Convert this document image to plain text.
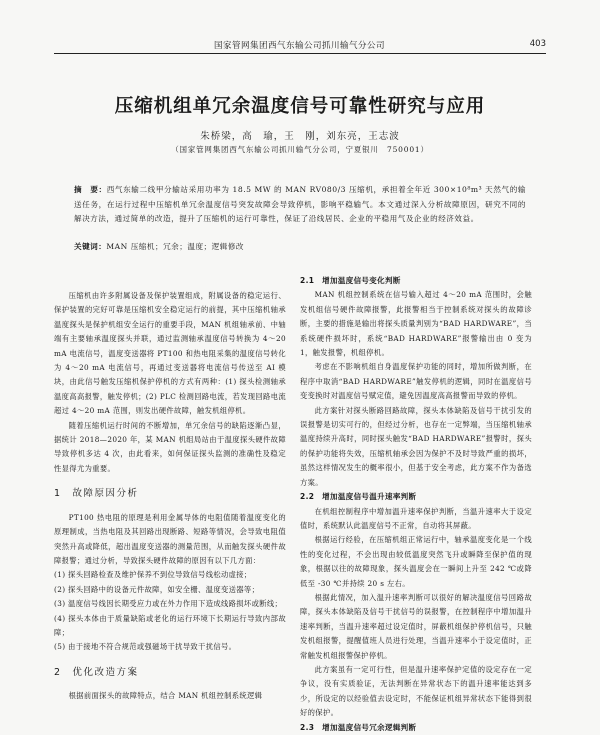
国家管网集团西气东输公司抓川输气分公司	403
压缩机组单冗余温度信号可靠性研究与应用
朱桥梁，高　瑜，王　刚，刘东亮，王志波
（国家管网集团西气东输公司抓川输气分公司，宁夏银川　750001）
摘　要：西气东输二线甲分输站采用功率为 18.5 MW 的 MAN RV080/3 压缩机，承担着全年近 300×10⁸m³ 天然气的输送任务，在运行过程中压缩机单冗余温度信号突发故障会导致停机，影响平稳输气。本文通过深入分析故障原因，研究不同的解决方法，通过简单的改造，提升了压缩机的运行可靠性，保证了沿线居民、企业的平稳用气及企业的经济效益。
关键词：MAN 压缩机；冗余；温度；逻辑修改

压缩机由许多附属设备及保护装置组成，附属设备的稳定运行、保护装置的完好可靠是压缩机安全稳定运行的前提，其中压缩机轴承温度探头是保护机组安全运行的重要手段，MAN 机组轴承前、中轴端有主要轴承温度探头并联，通过监测轴承温度信号转换为 4～20 mA 电流信号，温度变送器将 PT100 和热电阻采集的温度信号转化为 4～20 mA 电流信号，再通过变送器将电流信号传送至 AI 模块，由此信号触发压缩机保护停机的方式有两种：(1) 探头检测轴承温度高高报警，触发停机；(2) PLC 检测回路电流，若发现回路电流超过 4～20 mA 范围，则发出硬件故障，触发机组停机。

随着压缩机运行时间的不断增加，单冗余信号的缺陷逐渐凸显，据统计 2018—2020 年，某 MAN 机组局站由于温度探头硬件故障导致停机多达 4 次，由此看来，如何保证探头监测的准确性及稳定性显得尤为重要。

1　故障原因分析

PT100 热电阻的原理是利用金属导体的电阻值随着温度变化的原理制成，当热电阻及其回路出现断路、短路等情况，会导致电阻值突然升高或降低，超出温度变送器的测量范围，从而触发探头硬件故障报警；通过分析，导致探头硬件故障的原因有以下几方面：

(1) 探头回路检查及维护保养不到位导致信号线松动虚接；

(2) 探头回路中的设备元件故障，如安全栅、温度变送器等；

(3) 温度信号线因长期受应力或在外力作用下造成线路损坏或断线；

(4) 探头本体由于质量缺陷或老化的运行环境下长期运行导致内部故障；

(5) 由于接地不符合规范或强磁场干扰导致干扰信号。

2　优化改造方案

根据前面探头的故障特点，结合 MAN 机组控制系统逻辑

2.1　增加温度信号变化判断

MAN 机组控制系统在信号输入超过 4～20 mA 范围时，会触发机组信号硬件故障报警，此报警相当于控制系统对探头的故障诊断，主要的措施是输出将探头质量判别为“BAD HARDWARE”，当系统硬件损坏时，系统“BAD HARDWARE”报警输出由 0 变为 1，触发报警，机组停机。

考虑在不影响机组自身温度保护功能的同时，增加所做判断，在程序中取消“BAD HARDWARE”触发停机的逻辑，同时在温度信号变变换时对温度信号赋定值，避免因温度高高报警而导致的停机。

此方案针对探头断路回路故障，探头本体缺陷及信号干扰引发的误报警是切实可行的，但经过分析，也存在一定弊端，当压缩机轴承温度持续升高时，同时探头触发“BAD HARDWARE”报警时，探头的保护功能将失效，压缩机轴承会因为保护不及时导致严重的损坏，虽然这样情况发生的概率很小，但基于安全考虑，此方案不作为备选方案。

2.2　增加温度信号温升速率判断

在机组控制程序中增加温升速率保护判断，当温升速率大于设定值时，系统默认此温度信号不正常，自动将其屏蔽。

根据运行经验，在压缩机组正常运行中，轴承温度变化是一个线性的变化过程，不会出现由较低温度突然飞升或瞬降至保护值的现象，根据以往的故障现象，探头温度会在一瞬间上升至 242 ℃或降低至 -30 ℃并持续 20 s 左右。

根据此情况，加入温升速率判断可以很好的解决温度信号回路故障，探头本体缺陷及信号干扰信号的误报警，在控制程序中增加温升速率判断，当温升速率超过设定值时，屏蔽机组保护停机信号，只触发机组报警，提醒值班人员进行处理，当温升速率小于设定值时，正常触发机组报警保护停机。

此方案虽有一定可行性，但是温升速率保护定值的设定存在一定争议，没有实质验证，无法判断在异常状态下的温升速率能达到多少，所设定的以经验值去设定时，不能保证机组异常状态下能得到很好的保护。

2.3　增加温度信号冗余逻辑判断
